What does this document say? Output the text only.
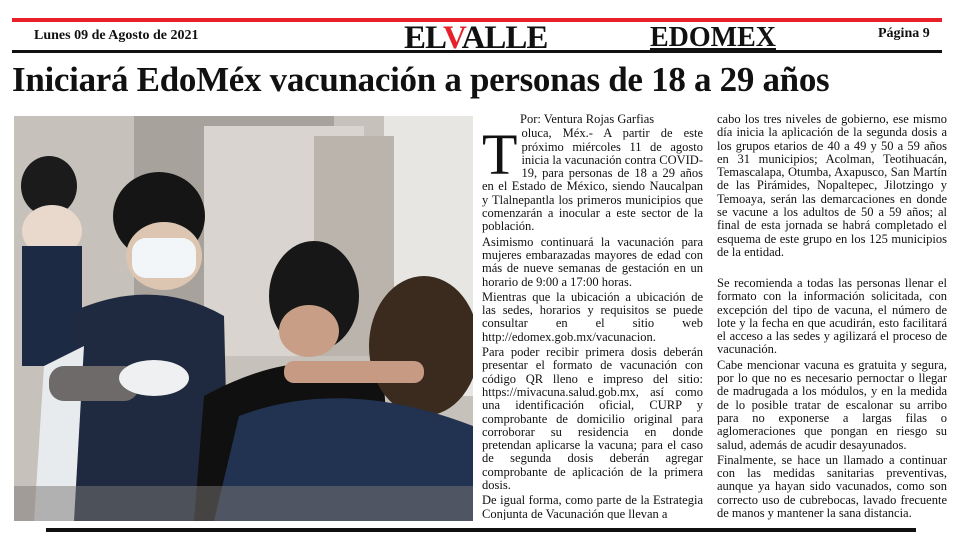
Lunes 09 de Agosto de 2021	ELVALLE	EDOMEX	Página 9
Iniciará EdoMéx vacunación a personas de 18 a 29 años
Por: Ventura Rojas Garfias

Toluca, Méx.- A partir de este próximo miércoles 11 de agosto inicia la vacunación contra COVID-19, para personas de 18 a 29 años en el Estado de México, siendo Naucalpan y Tlalnepantla los primeros municipios que comenzarán a inocular a este sector de la población.

Asimismo continuará la vacunación para mujeres embarazadas mayores de edad con más de nueve semanas de gestación en un horario de 9:00 a 17:00 horas.

Mientras que la ubicación a ubicación de las sedes, horarios y requisitos se puede consultar en el sitio web http://edomex.gob.mx/vacunacion.

Para poder recibir primera dosis deberán presentar el formato de vacunación con código QR lleno e impreso del sitio: https://mivacuna.salud.gob.mx, así como una identificación oficial, CURP y comprobante de domicilio original para corroborar su residencia en donde pretendan aplicarse la vacuna; para el caso de segunda dosis deberán agregar comprobante de aplicación de la primera dosis.

De igual forma, como parte de la Estrategia Conjunta de Vacunación que llevan a

cabo los tres niveles de gobierno, ese mismo día inicia la aplicación de la segunda dosis a los grupos etarios de 40 a 49 y 50 a 59 años en 31 municipios; Acolman, Teotihuacán, Temascalapa, Otumba, Axapusco, San Martín de las Pirámides, Nopaltepec, Jilotzingo y Temoaya, serán las demarcaciones en donde se vacune a los adultos de 50 a 59 años; al final de esta jornada se habrá completado el esquema de este grupo en los 125 municipios de la entidad.

Se recomienda a todas las personas llenar el formato con la información solicitada, con excepción del tipo de vacuna, el número de lote y la fecha en que acudirán, esto facilitará el acceso a las sedes y agilizará el proceso de vacunación.

Cabe mencionar vacuna es gratuita y segura, por lo que no es necesario pernoctar o llegar de madrugada a los módulos, y en la medida de lo posible tratar de escalonar su arribo para no exponerse a largas filas o aglomeraciones que pongan en riesgo su salud, además de acudir desayunados.

Finalmente, se hace un llamado a continuar con las medidas sanitarias preventivas, aunque ya hayan sido vacunados, como son correcto uso de cubrebocas, lavado frecuente de manos y mantener la sana distancia.
